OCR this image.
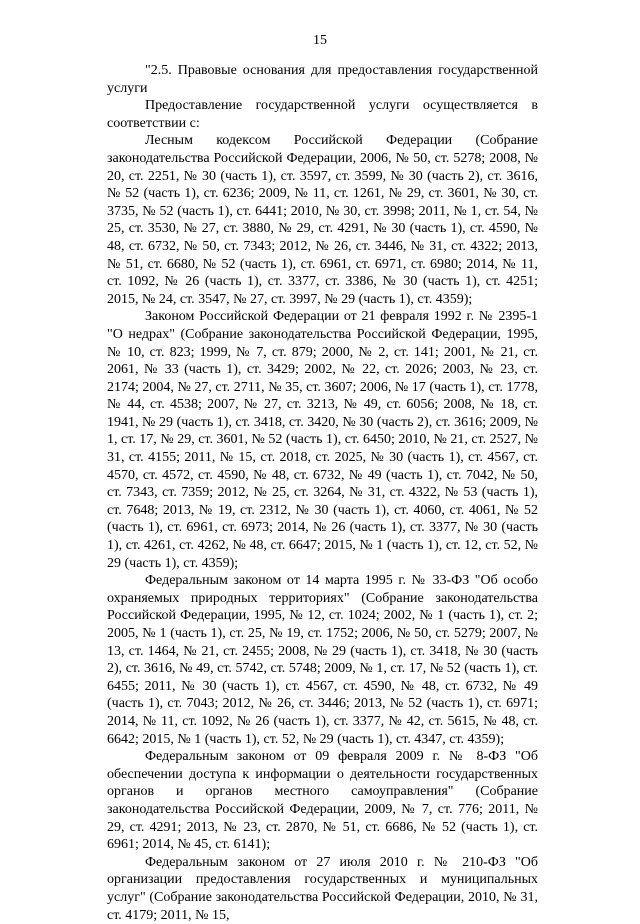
15

"2.5. Правовые основания для предоставления государственной услуги

Предоставление государственной услуги осуществляется в соответствии с:

Лесным кодексом Российской Федерации (Собрание законодательства Российской Федерации, 2006, № 50, ст. 5278; 2008, № 20, ст. 2251, № 30 (часть 1), ст. 3597, ст. 3599, № 30 (часть 2), ст. 3616, № 52 (часть 1), ст. 6236; 2009, № 11, ст. 1261, № 29, ст. 3601, № 30, ст. 3735, № 52 (часть 1), ст. 6441; 2010, № 30, ст. 3998; 2011, № 1, ст. 54, № 25, ст. 3530, № 27, ст. 3880, № 29, ст. 4291, № 30 (часть 1), ст. 4590, № 48, ст. 6732, № 50, ст. 7343; 2012, № 26, ст. 3446, № 31, ст. 4322; 2013, № 51, ст. 6680, № 52 (часть 1), ст. 6961, ст. 6971, ст. 6980; 2014, № 11, ст. 1092, № 26 (часть 1), ст. 3377, ст. 3386, № 30 (часть 1), ст. 4251; 2015, № 24, ст. 3547, № 27, ст. 3997, № 29 (часть 1), ст. 4359);

Законом Российской Федерации от 21 февраля 1992 г. № 2395-1 "О недрах" (Собрание законодательства Российской Федерации, 1995, № 10, ст. 823; 1999, № 7, ст. 879; 2000, № 2, ст. 141; 2001, № 21, ст. 2061, № 33 (часть 1), ст. 3429; 2002, № 22, ст. 2026; 2003, № 23, ст. 2174; 2004, № 27, ст. 2711, № 35, ст. 3607; 2006, № 17 (часть 1), ст. 1778, № 44, ст. 4538; 2007, № 27, ст. 3213, № 49, ст. 6056; 2008, № 18, ст. 1941, № 29 (часть 1), ст. 3418, ст. 3420, № 30 (часть 2), ст. 3616; 2009, № 1, ст. 17, № 29, ст. 3601, № 52 (часть 1), ст. 6450; 2010, № 21, ст. 2527, № 31, ст. 4155; 2011, № 15, ст. 2018, ст. 2025, № 30 (часть 1), ст. 4567, ст. 4570, ст. 4572, ст. 4590, № 48, ст. 6732, № 49 (часть 1), ст. 7042, № 50, ст. 7343, ст. 7359; 2012, № 25, ст. 3264, № 31, ст. 4322, № 53 (часть 1), ст. 7648; 2013, № 19, ст. 2312, № 30 (часть 1), ст. 4060, ст. 4061, № 52 (часть 1), ст. 6961, ст. 6973; 2014, № 26 (часть 1), ст. 3377, № 30 (часть 1), ст. 4261, ст. 4262, № 48, ст. 6647; 2015, № 1 (часть 1), ст. 12, ст. 52, № 29 (часть 1), ст. 4359);

Федеральным законом от 14 марта 1995 г. № 33-ФЗ "Об особо охраняемых природных территориях" (Собрание законодательства Российской Федерации, 1995, № 12, ст. 1024; 2002, № 1 (часть 1), ст. 2; 2005, № 1 (часть 1), ст. 25, № 19, ст. 1752; 2006, № 50, ст. 5279; 2007, № 13, ст. 1464, № 21, ст. 2455; 2008, № 29 (часть 1), ст. 3418, № 30 (часть 2), ст. 3616, № 49, ст. 5742, ст. 5748; 2009, № 1, ст. 17, № 52 (часть 1), ст. 6455; 2011, № 30 (часть 1), ст. 4567, ст. 4590, № 48, ст. 6732, № 49 (часть 1), ст. 7043; 2012, № 26, ст. 3446; 2013, № 52 (часть 1), ст. 6971; 2014, № 11, ст. 1092, № 26 (часть 1), ст. 3377, № 42, ст. 5615, № 48, ст. 6642; 2015, № 1 (часть 1), ст. 52, № 29 (часть 1), ст. 4347, ст. 4359);

Федеральным законом от 09 февраля 2009 г. № 8-ФЗ "Об обеспечении доступа к информации о деятельности государственных органов и органов местного самоуправления" (Собрание законодательства Российской Федерации, 2009, № 7, ст. 776; 2011, № 29, ст. 4291; 2013, № 23, ст. 2870, № 51, ст. 6686, № 52 (часть 1), ст. 6961; 2014, № 45, ст. 6141);

Федеральным законом от 27 июля 2010 г. № 210-ФЗ "Об организации предоставления государственных и муниципальных услуг" (Собрание законодательства Российской Федерации, 2010, № 31, ст. 4179; 2011, № 15,
